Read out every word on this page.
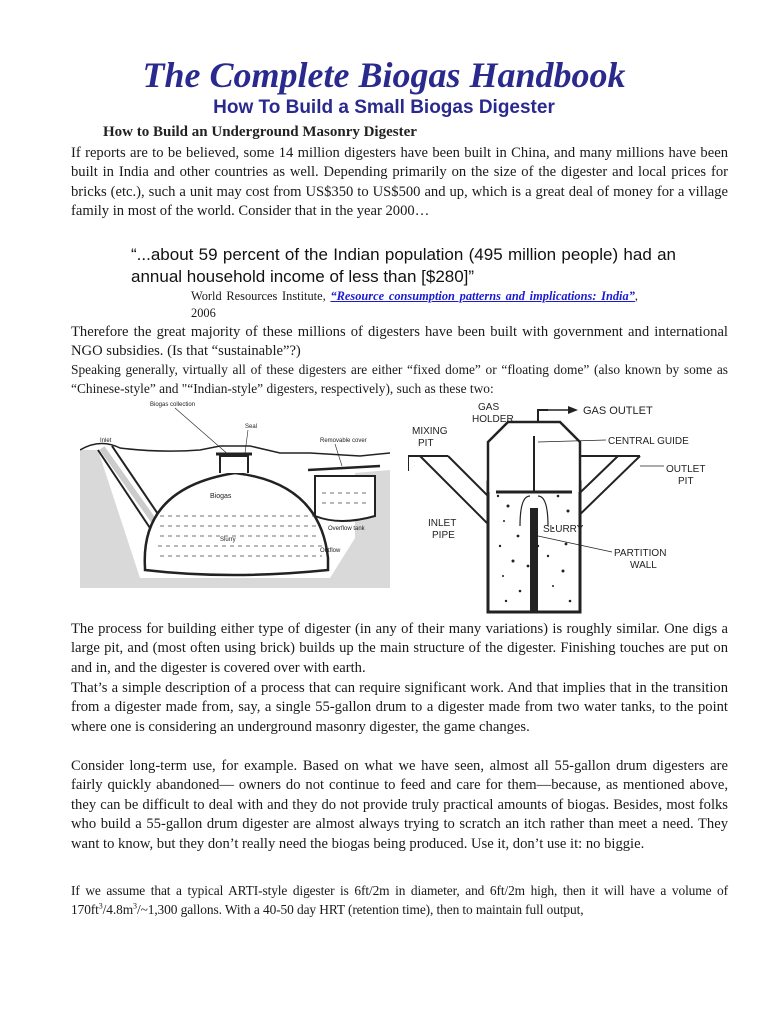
The Complete Biogas Handbook
How To Build a Small Biogas Digester
How to Build an Underground Masonry Digester

If reports are to be believed, some 14 million digesters have been built in China, and many millions have been built in India and other countries as well. Depending primarily on the size of the digester and local prices for bricks (etc.), such a unit may cost from US$350 to US$500 and up, which is a great deal of money for a village family in most of the world. Consider that in the year 2000…

“...about 59 percent of the Indian population (495 million people) had an annual household income of less than [$280]”

World Resources Institute, “Resource consumption patterns and implications: India”, 2006

Therefore the great majority of these millions of digesters have been built with government and international NGO subsidies. (Is that “sustainable”?)

Speaking generally, virtually all of these digesters are either “fixed dome” or “floating dome” (also known by some as “Chinese-style” and "“Indian-style” digesters, respectively), such as these two:

Biogas collection
Seal
Inlet	Removable cover
Biogas
Slurry
Overflow tank
Outflow
GAS
HOLDER
GAS OUTLET
MIXING
PIT	CENTRAL GUIDE
OUTLET
PIT
INLET
PIPE
SLURRY
PARTITION
WALL

The process for building either type of digester (in any of their many variations) is roughly similar. One digs a large pit, and (most often using brick) builds up the main structure of the digester. Finishing touches are put on and in, and the digester is covered over with earth.

That’s a simple description of a process that can require significant work. And that implies that in the transition from a digester made from, say, a single 55-gallon drum to a digester made from two water tanks, to the point where one is considering an underground masonry digester, the game changes.

Consider long-term use, for example. Based on what we have seen, almost all 55-gallon drum digesters are fairly quickly abandoned— owners do not continue to feed and care for them—because, as mentioned above, they can be difficult to deal with and they do not provide truly practical amounts of biogas. Besides, most folks who build a 55-gallon drum digester are almost always trying to scratch an itch rather than meet a need. They want to know, but they don’t really need the biogas being produced. Use it, don’t use it: no biggie.

If we assume that a typical ARTI-style digester is 6ft/2m in diameter, and 6ft/2m high, then it will have a volume of $170ft^3/4.8m^3/\sim 1,300$ gallons. With a 40-50 day HRT (retention time), then to maintain full output,
